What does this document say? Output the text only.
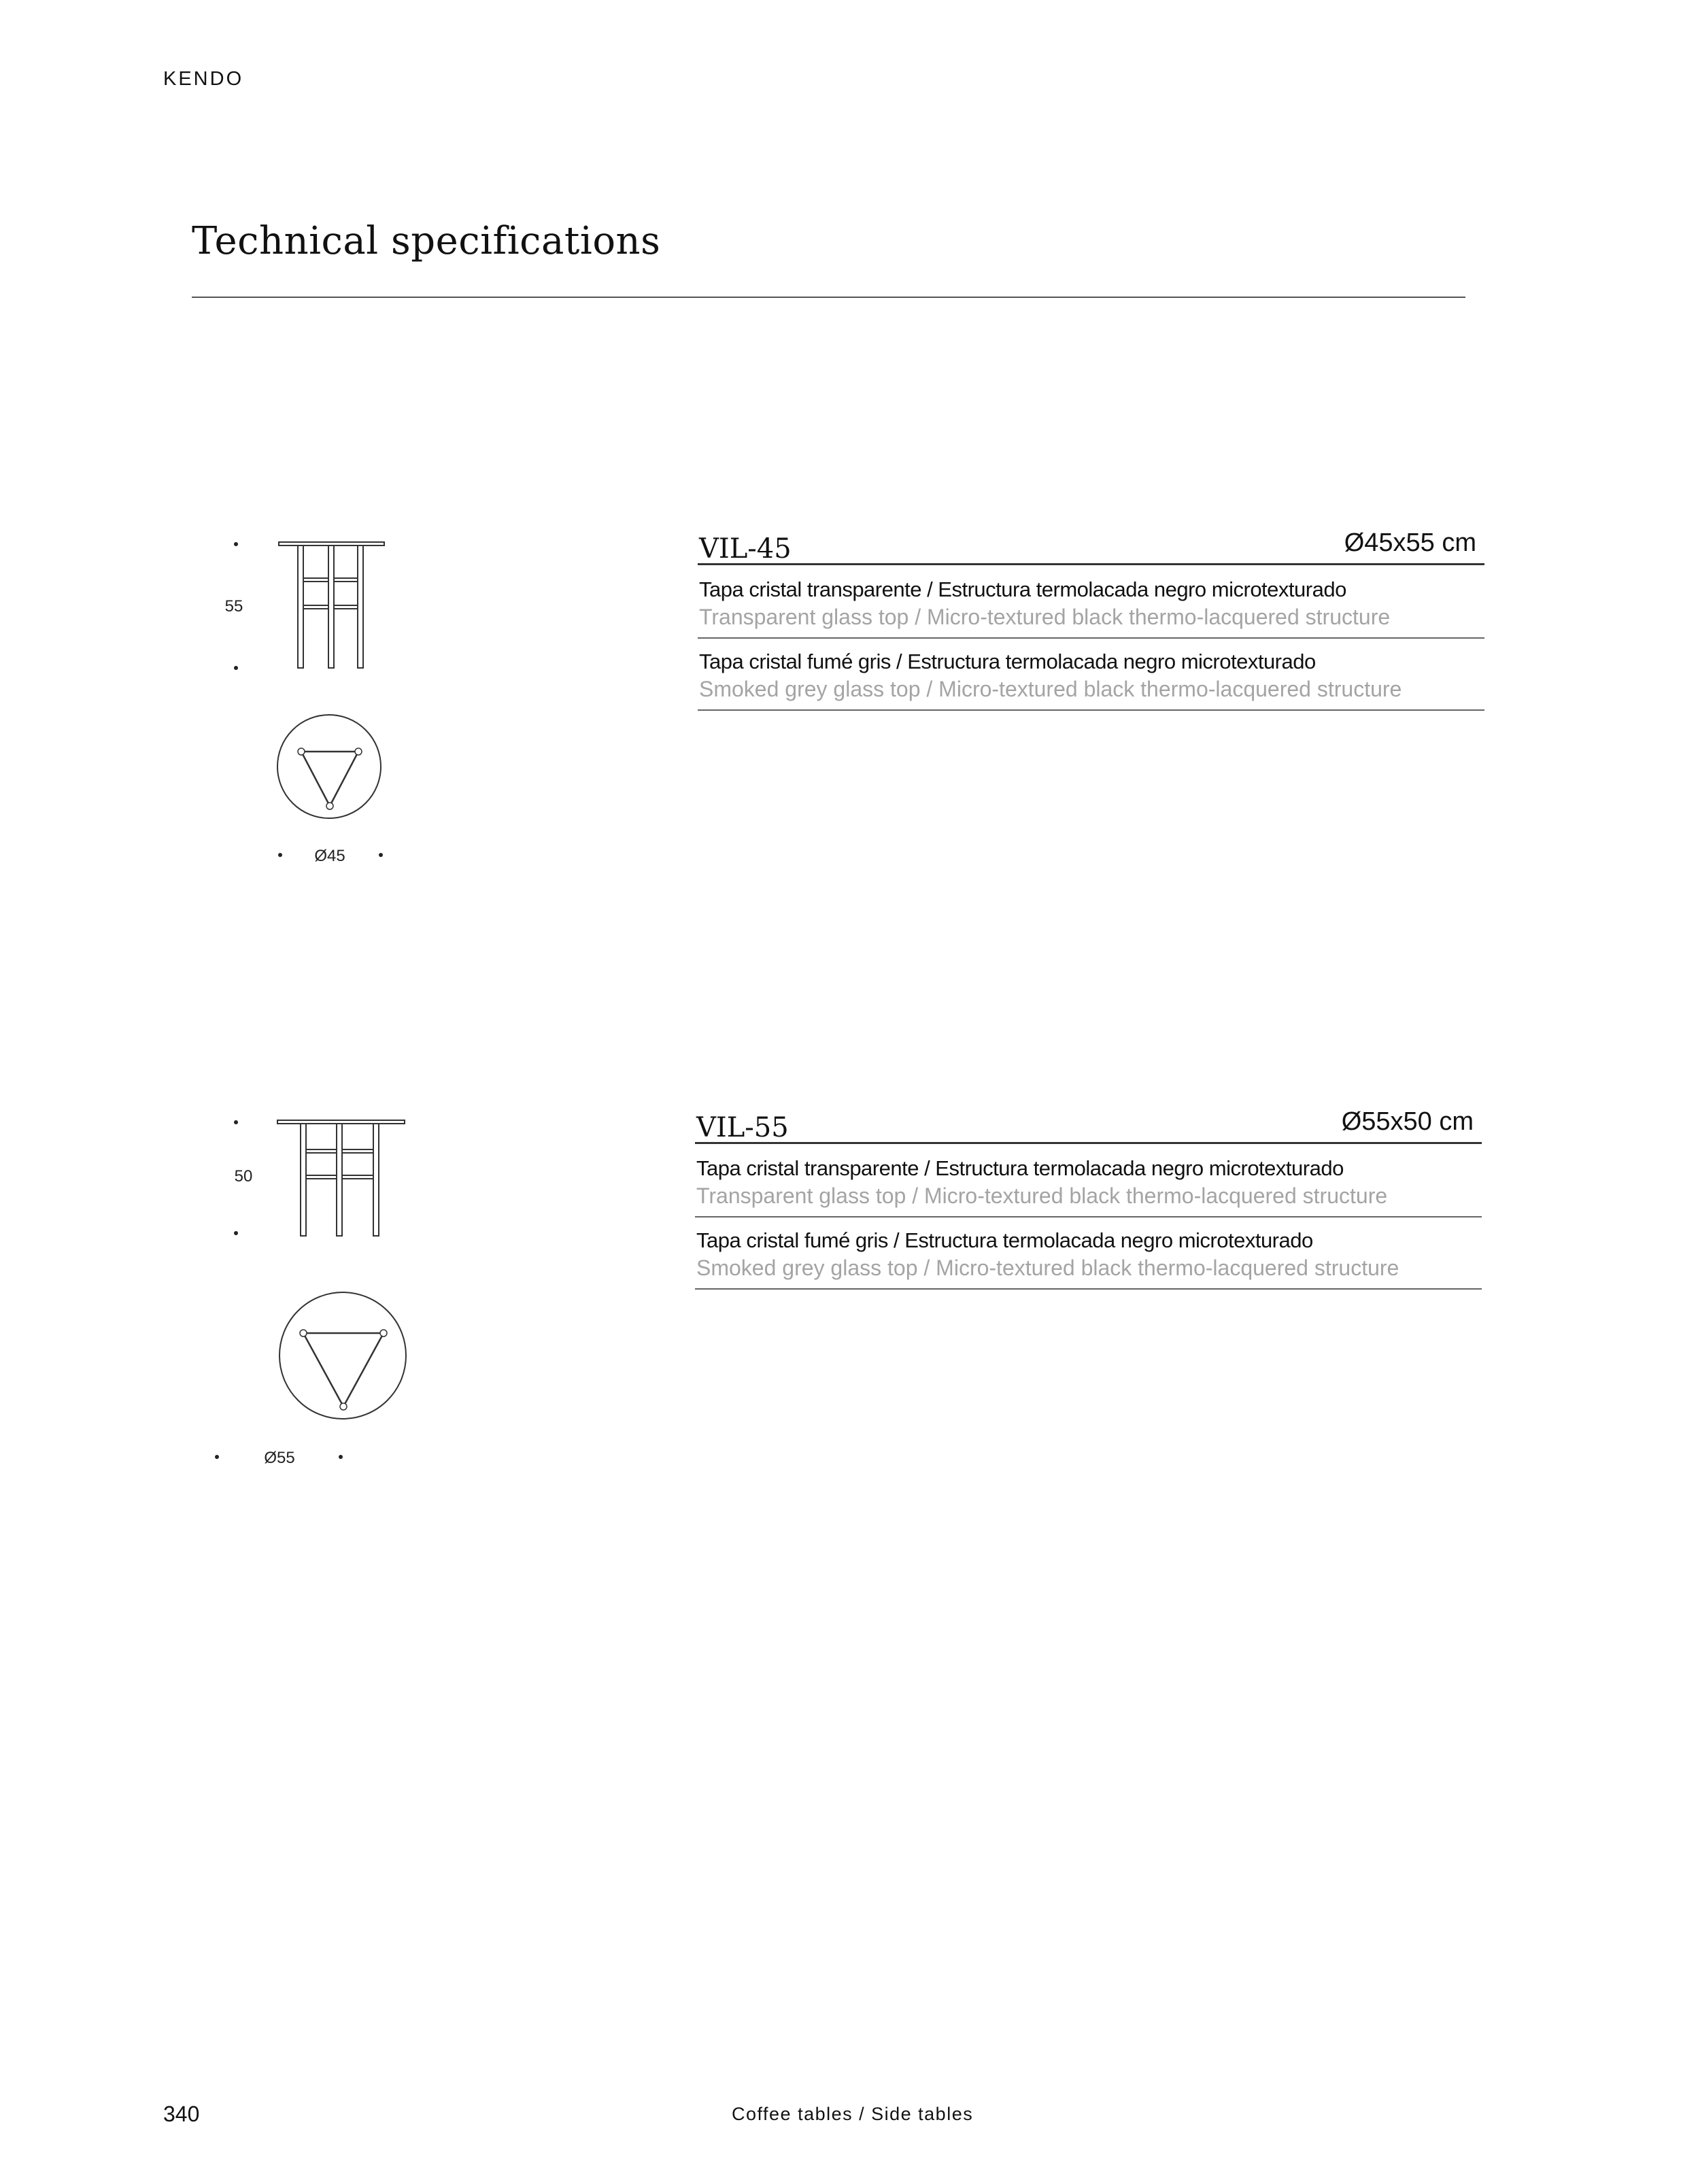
KENDO
Technical specifications
55
Ø45
VIL-45	Ø45x55 cm
Tapa cristal transparente / Estructura termolacada negro microtexturado
Transparent glass top / Micro-textured black thermo-lacquered structure
Tapa cristal fumé gris / Estructura termolacada negro microtexturado
Smoked grey glass top / Micro-textured black thermo-lacquered structure
50
Ø55
VIL-55	Ø55x50 cm
Tapa cristal transparente / Estructura termolacada negro microtexturado
Transparent glass top / Micro-textured black thermo-lacquered structure
Tapa cristal fumé gris / Estructura termolacada negro microtexturado
Smoked grey glass top / Micro-textured black thermo-lacquered structure
340	Coffee tables / Side tables
